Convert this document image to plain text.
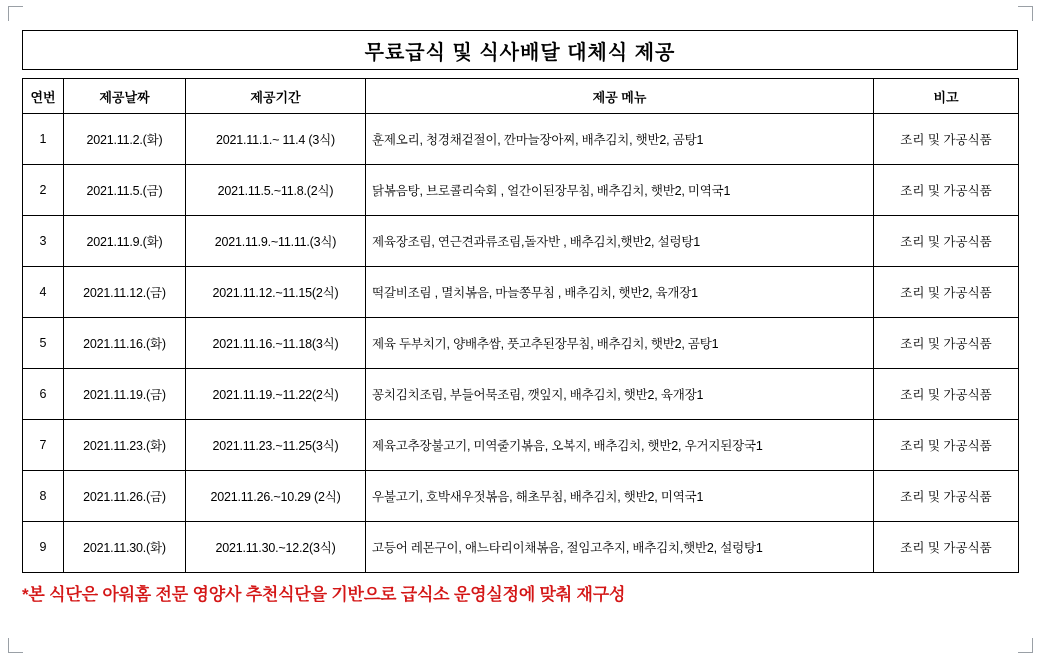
무료급식 및 식사배달 대체식 제공
연번	제공날짜	제공기간	제공 메뉴	비고
1	2021.11.2.(화)	2021.11.1.~ 11.4 (3식)	훈제오리, 청경채겉절이, 깐마늘장아찌, 배추김치, 햇반2, 곰탕1	조리 및 가공식품
2	2021.11.5.(금)	2021.11.5.~11.8.(2식)	닭볶음탕, 브로콜리숙회 , 얼간이된장무침, 배추김치, 햇반2, 미역국1	조리 및 가공식품
3	2021.11.9.(화)	2021.11.9.~11.11.(3식)	제육장조림, 연근견과류조림,돌자반 , 배추김치,햇반2, 설렁탕1	조리 및 가공식품
4	2021.11.12.(금)	2021.11.12.~11.15(2식)	떡갈비조림 , 멸치볶음, 마늘쫑무침 , 배추김치, 햇반2, 육개장1	조리 및 가공식품
5	2021.11.16.(화)	2021.11.16.~11.18(3식)	제육 두부치기, 양배추쌈, 풋고추된장무침, 배추김치, 햇반2, 곰탕1	조리 및 가공식품
6	2021.11.19.(금)	2021.11.19.~11.22(2식)	꽁치김치조림, 부들어묵조림, 깻잎지, 배추김치, 햇반2, 육개장1	조리 및 가공식품
7	2021.11.23.(화)	2021.11.23.~11.25(3식)	제육고추장불고기, 미역줄기볶음, 오복지, 배추김치, 햇반2, 우거지된장국1	조리 및 가공식품
8	2021.11.26.(금)	2021.11.26.~10.29 (2식)	우불고기, 호박새우젓볶음, 해초무침, 배추김치, 햇반2, 미역국1	조리 및 가공식품
9	2021.11.30.(화)	2021.11.30.~12.2(3식)	고등어 레몬구이, 애느타리이채볶음, 절임고추지, 배추김치,햇반2, 설렁탕1	조리 및 가공식품
*본 식단은 아워홈 전문 영양사 추천식단을 기반으로 급식소 운영실정에 맞춰 재구성
